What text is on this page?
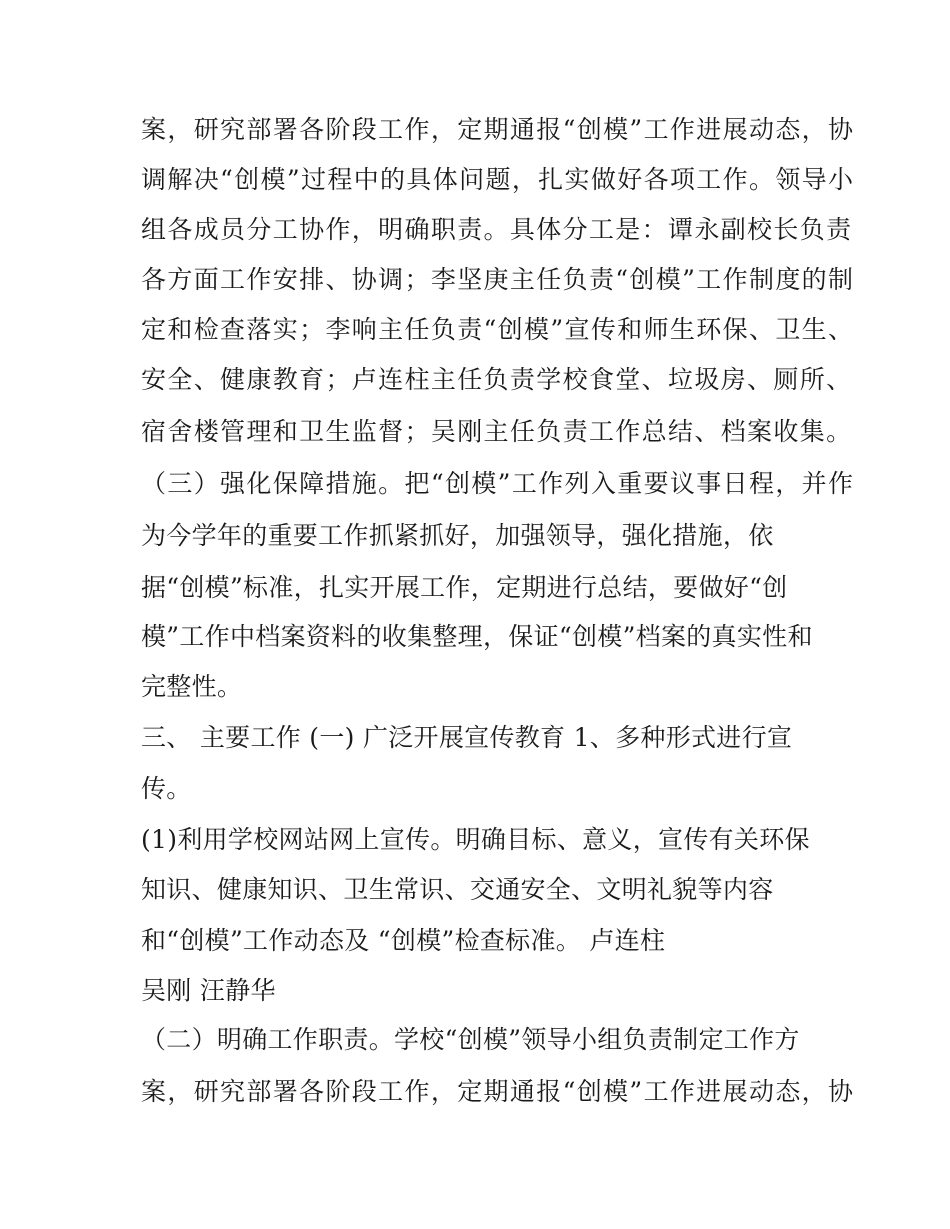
案，研究部署各阶段工作，定期通报“创模”工作进展动态，协
调解决“创模”过程中的具体问题，扎实做好各项工作。领导小
组各成员分工协作，明确职责。具体分工是：谭永副校长负责
各方面工作安排、协调；李坚庚主任负责“创模”工作制度的制
定和检查落实；李响主任负责“创模”宣传和师生环保、卫生、
安全、健康教育；卢连柱主任负责学校食堂、垃圾房、厕所、
宿舍楼管理和卫生监督；吴刚主任负责工作总结、档案收集。
（三）强化保障措施。把“创模”工作列入重要议事日程，并作
为今学年的重要工作抓紧抓好，加强领导，强化措施，依
据“创模”标准，扎实开展工作，定期进行总结，要做好“创
模”工作中档案资料的收集整理，保证“创模”档案的真实性和
完整性。
三、 主要工作 (一) 广泛开展宣传教育 1、多种形式进行宣
传。
(1)利用学校网站网上宣传。明确目标、意义，宣传有关环保
知识、健康知识、卫生常识、交通安全、文明礼貌等内容
和“创模”工作动态及 “创模”检查标准。 卢连柱
吴刚 汪静华
（二）明确工作职责。学校“创模”领导小组负责制定工作方
案，研究部署各阶段工作，定期通报“创模”工作进展动态，协
